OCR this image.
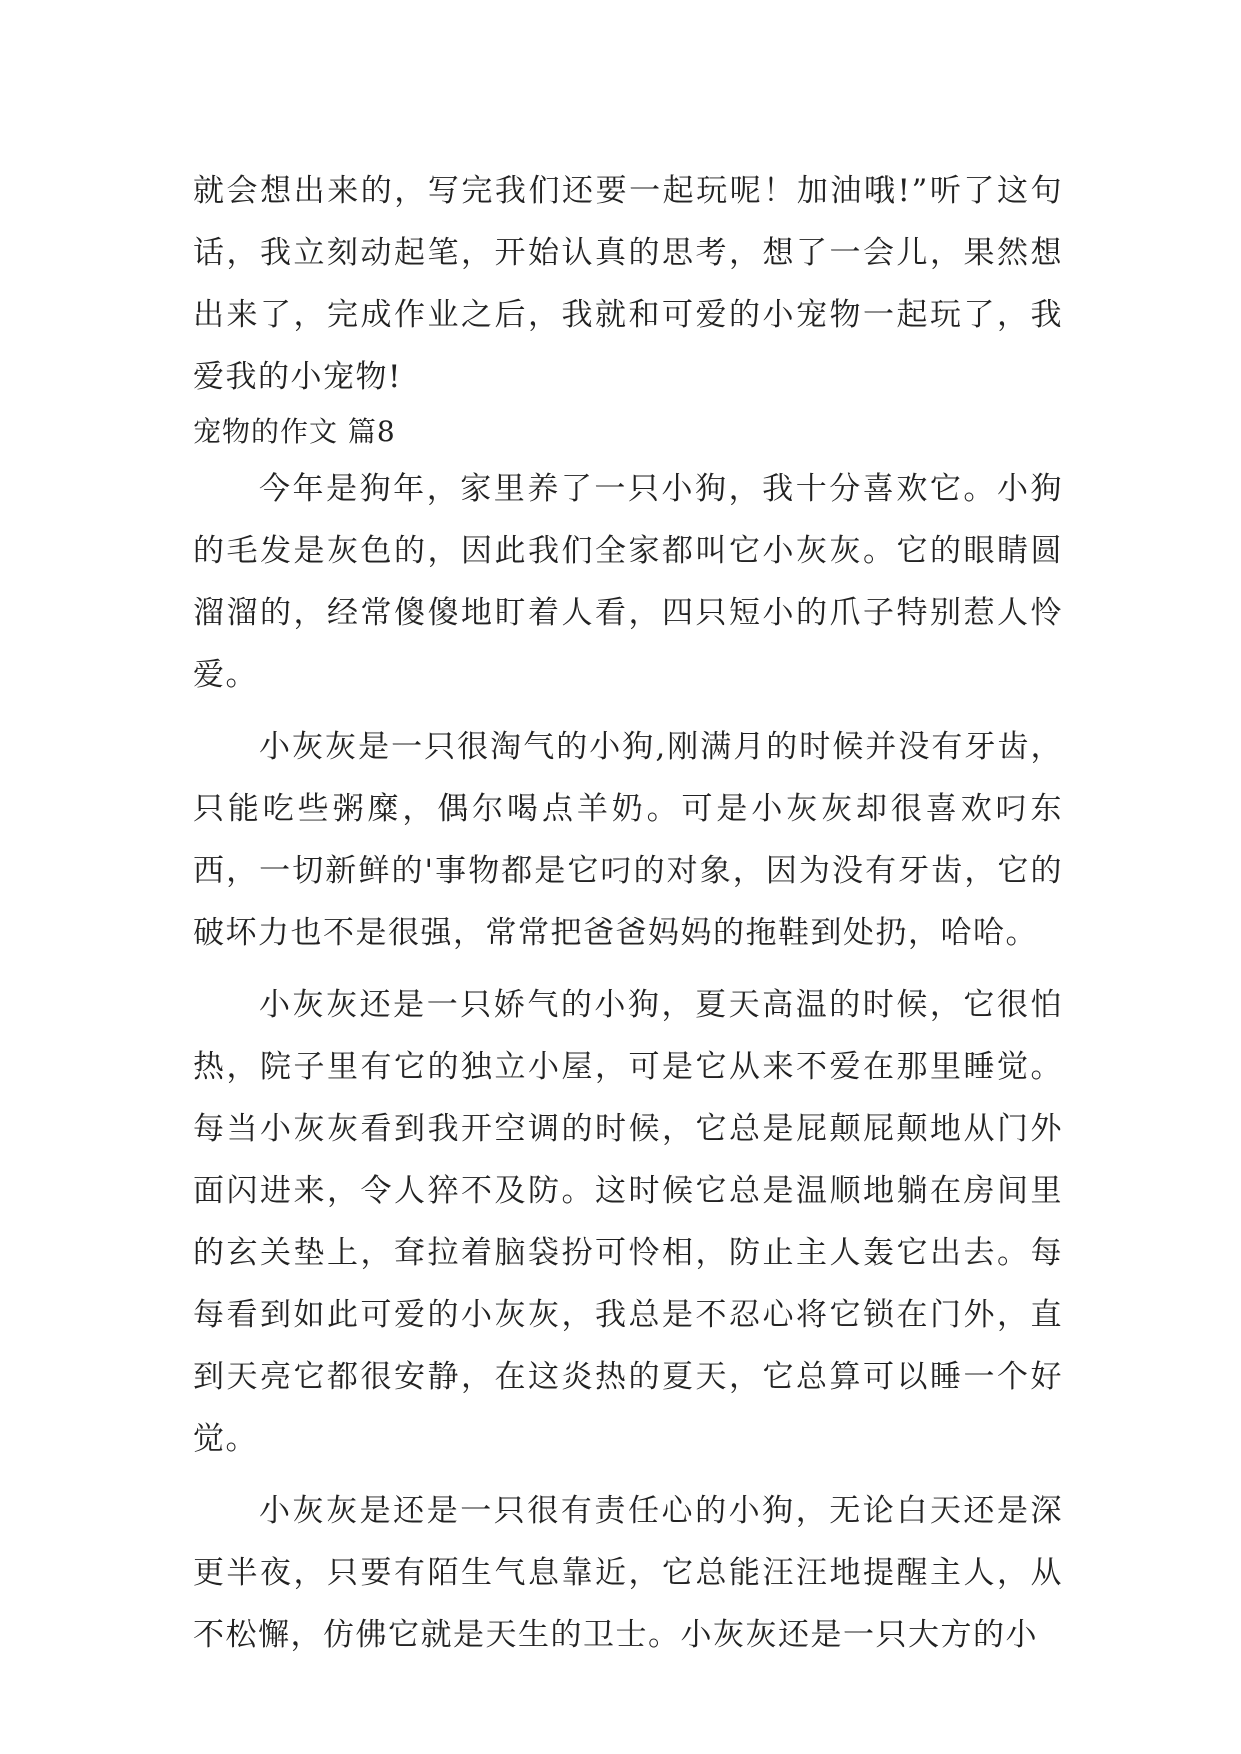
就会想出来的，写完我们还要一起玩呢！加油哦!”听了这句话，我立刻动起笔，开始认真的思考，想了一会儿，果然想出来了，完成作业之后，我就和可爱的小宠物一起玩了，我爱我的小宠物!

宠物的作文 篇8

今年是狗年，家里养了一只小狗，我十分喜欢它。小狗的毛发是灰色的，因此我们全家都叫它小灰灰。它的眼睛圆溜溜的，经常傻傻地盯着人看，四只短小的爪子特别惹人怜爱。

小灰灰是一只很淘气的小狗,刚满月的时候并没有牙齿，只能吃些粥糜，偶尔喝点羊奶。可是小灰灰却很喜欢叼东西，一切新鲜的'事物都是它叼的对象，因为没有牙齿，它的破坏力也不是很强，常常把爸爸妈妈的拖鞋到处扔，哈哈。

小灰灰还是一只娇气的小狗，夏天高温的时候，它很怕热，院子里有它的独立小屋，可是它从来不爱在那里睡觉。每当小灰灰看到我开空调的时候，它总是屁颠屁颠地从门外面闪进来，令人猝不及防。这时候它总是温顺地躺在房间里的玄关垫上，耷拉着脑袋扮可怜相，防止主人轰它出去。每每看到如此可爱的小灰灰，我总是不忍心将它锁在门外，直到天亮它都很安静，在这炎热的夏天，它总算可以睡一个好觉。

小灰灰是还是一只很有责任心的小狗，无论白天还是深更半夜，只要有陌生气息靠近，它总能汪汪地提醒主人，从不松懈，仿佛它就是天生的卫士。小灰灰还是一只大方的小
